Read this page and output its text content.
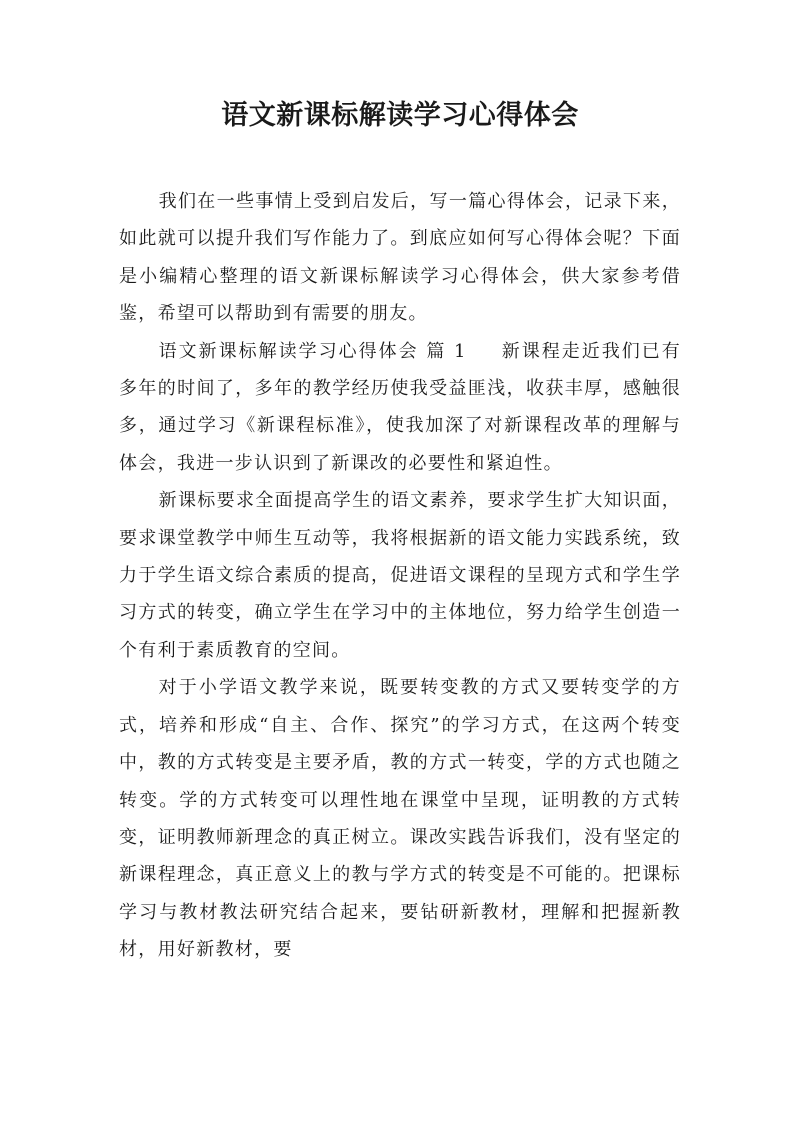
语文新课标解读学习心得体会

我们在一些事情上受到启发后，写一篇心得体会，记录下来，如此就可以提升我们写作能力了。到底应如何写心得体会呢？下面是小编精心整理的语文新课标解读学习心得体会，供大家参考借鉴，希望可以帮助到有需要的朋友。

语文新课标解读学习心得体会 篇 1 新课程走近我们已有多年的时间了，多年的教学经历使我受益匪浅，收获丰厚，感触很多，通过学习《新课程标准》，使我加深了对新课程改革的理解与体会，我进一步认识到了新课改的必要性和紧迫性。

新课标要求全面提高学生的语文素养，要求学生扩大知识面，要求课堂教学中师生互动等，我将根据新的语文能力实践系统，致力于学生语文综合素质的提高，促进语文课程的呈现方式和学生学习方式的转变，确立学生在学习中的主体地位，努力给学生创造一个有利于素质教育的空间。

对于小学语文教学来说，既要转变教的方式又要转变学的方式，培养和形成“自主、合作、探究”的学习方式，在这两个转变中，教的方式转变是主要矛盾，教的方式一转变，学的方式也随之转变。学的方式转变可以理性地在课堂中呈现，证明教的方式转变，证明教师新理念的真正树立。课改实践告诉我们，没有坚定的新课程理念，真正意义上的教与学方式的转变是不可能的。把课标学习与教材教法研究结合起来，要钻研新教材，理解和把握新教材，用好新教材，要
